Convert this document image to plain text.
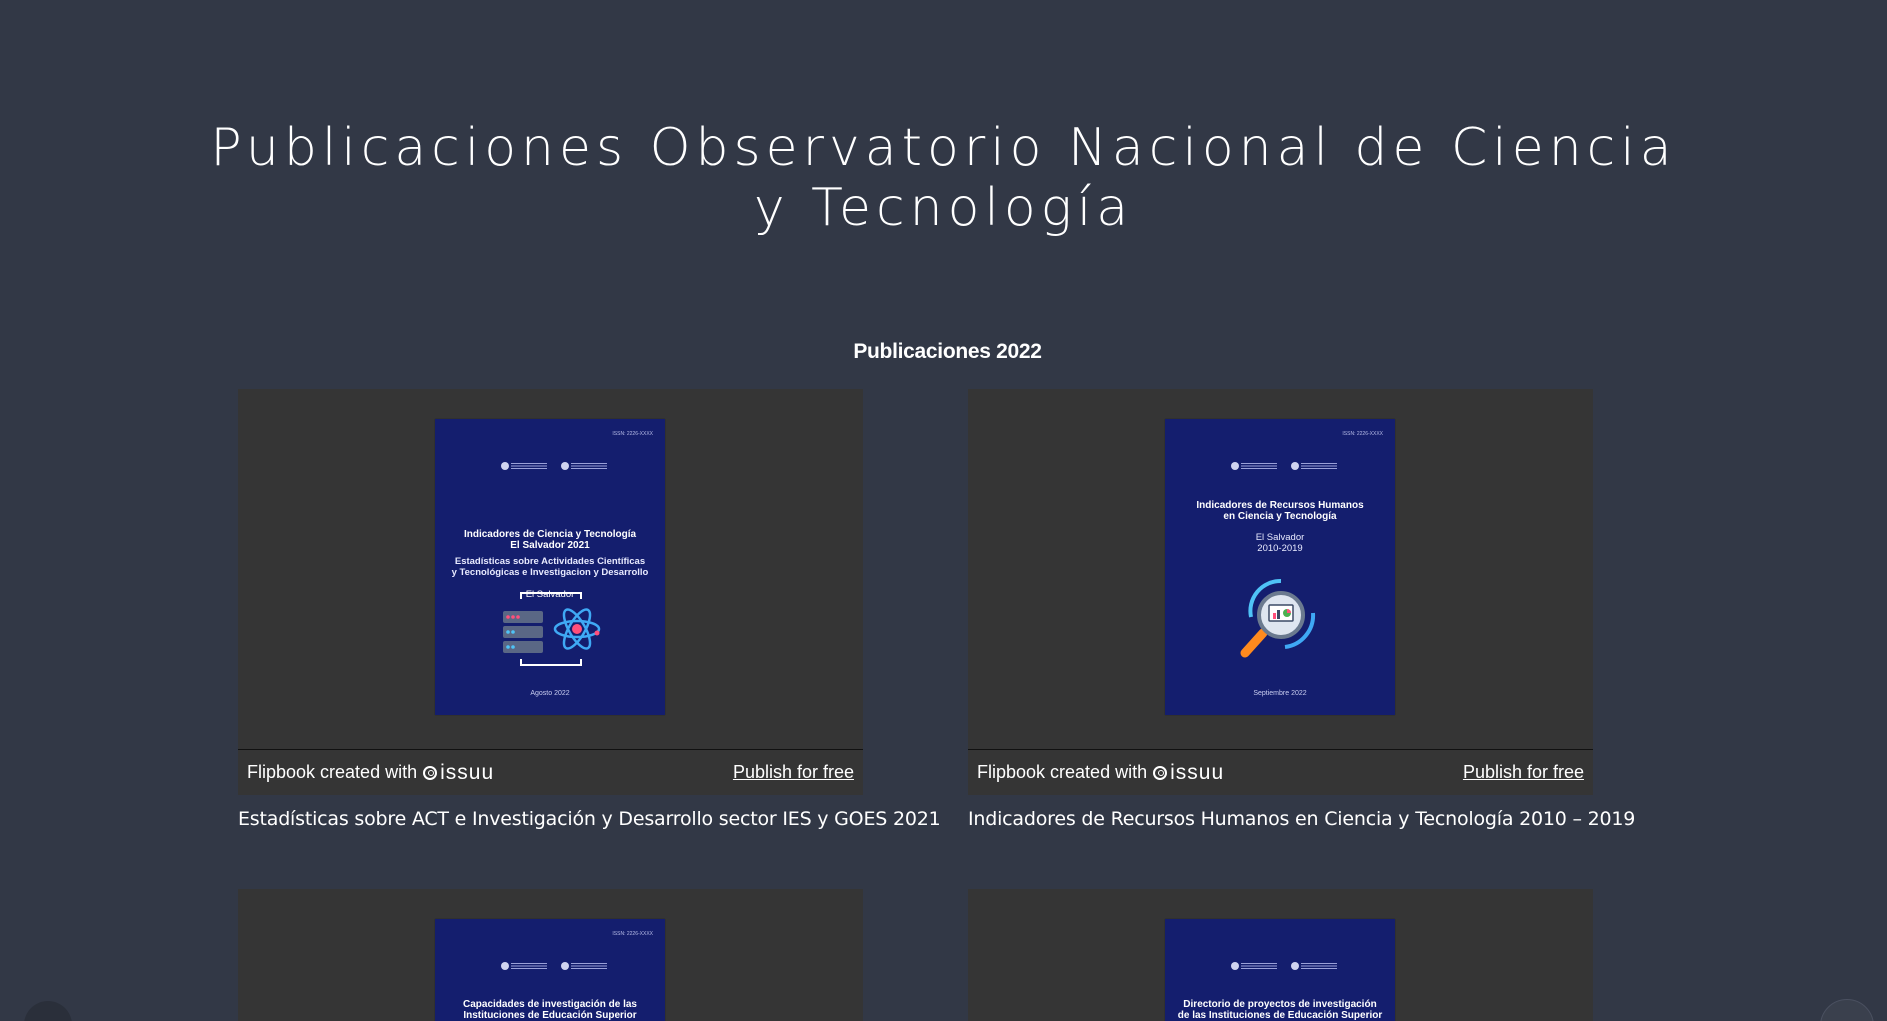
Publicaciones Observatorio Nacional de Ciencia y Tecnología
Publicaciones 2022
ISSN: 2226-XXXX

Indicadores de Ciencia y Tecnología
El Salvador 2021
Estadísticas sobre Actividades Científicas
y Tecnológicas e Investigacion y Desarrollo
El Salvador
Agosto 2022
Flipbook created with issuu	Publish for free

Estadísticas sobre ACT e Investigación y Desarrollo sector IES y GOES 2021

ISSN: 2226-XXXX

Indicadores de Recursos Humanos
en Ciencia y Tecnología
El Salvador
2010-2019
Septiembre 2022
Flipbook created with issuu	Publish for free

Indicadores de Recursos Humanos en Ciencia y Tecnología 2010 – 2019

ISSN: 2226-XXXX

Capacidades de investigación de las
Instituciones de Educación Superior

Directorio de proyectos de investigación
de las Instituciones de Educación Superior
